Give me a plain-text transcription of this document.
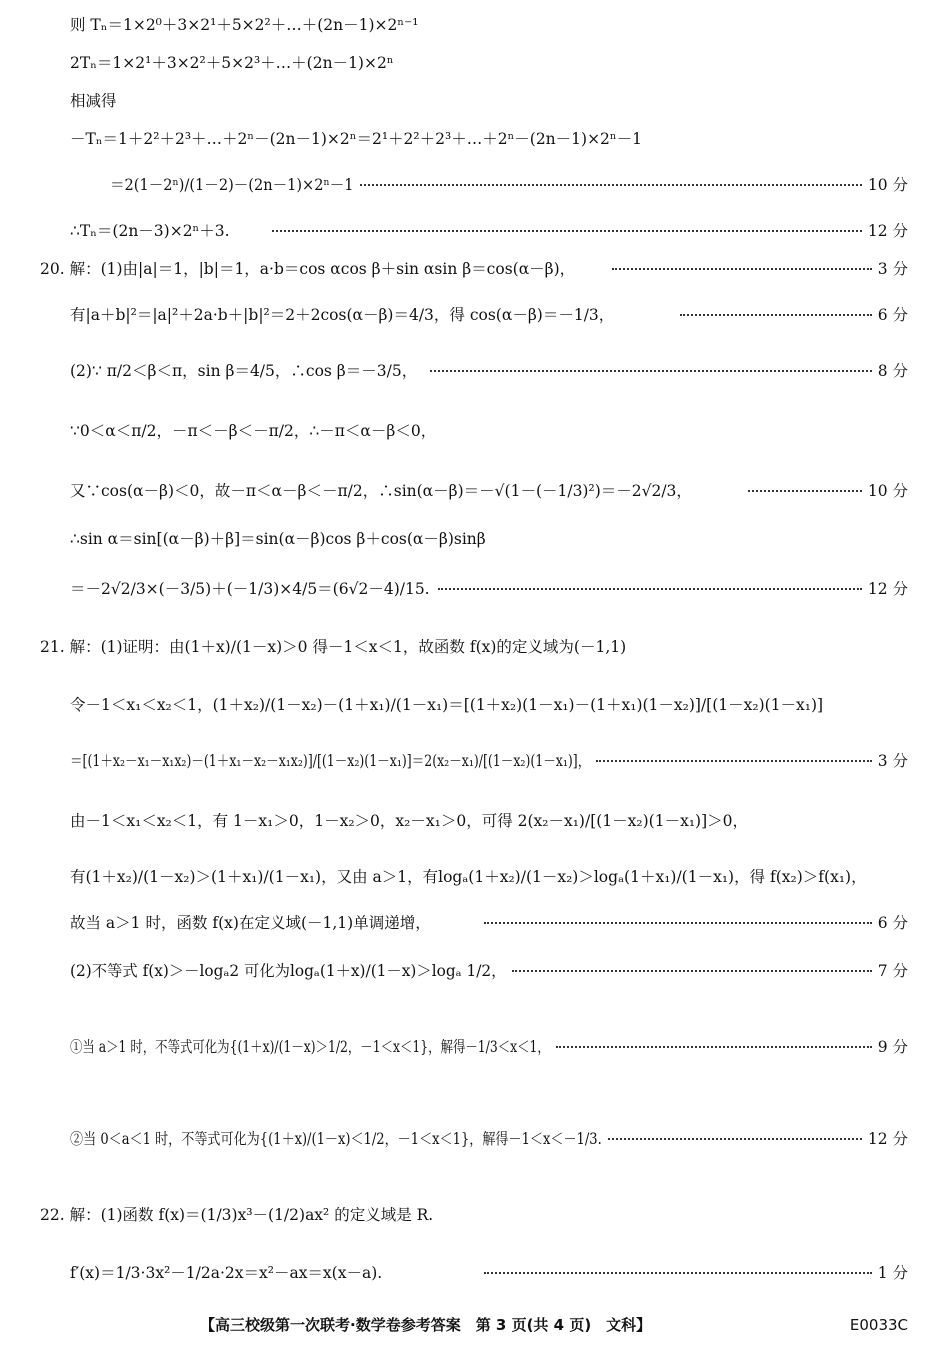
则 Tₙ＝1×2⁰＋3×2¹＋5×2²＋…＋(2n－1)×2ⁿ⁻¹
2Tₙ＝1×2¹＋3×2²＋5×2³＋…＋(2n－1)×2ⁿ
相减得
－Tₙ＝1＋2²＋2³＋…＋2ⁿ－(2n－1)×2ⁿ＝2¹＋2²＋2³＋…＋2ⁿ－(2n－1)×2ⁿ－1
＝2(1－2ⁿ)/(1－2)－(2n－1)×2ⁿ－1	10 分
∴Tₙ＝(2n－3)×2ⁿ＋3.	12 分
20. 解：(1)由|a|＝1，|b|＝1，a·b＝cos αcos β＋sin αsin β＝cos(α－β)，	3 分
有|a＋b|²＝|a|²＋2a·b＋|b|²＝2＋2cos(α－β)＝4/3，得 cos(α－β)＝－1/3，	6 分
(2)∵ π/2＜β＜π，sin β＝4/5，∴cos β＝－3/5，	8 分
∵0＜α＜π/2，－π＜－β＜－π/2，∴－π＜α－β＜0，
又∵cos(α－β)＜0，故－π＜α－β＜－π/2，∴sin(α－β)＝－√(1－(－1/3)²)＝－2√2/3，	10 分
∴sin α＝sin[(α－β)＋β]＝sin(α－β)cos β＋cos(α－β)sinβ
＝－2√2/3×(－3/5)＋(－1/3)×4/5＝(6√2－4)/15.	12 分
21. 解：(1)证明：由(1＋x)/(1－x)＞0 得－1＜x＜1，故函数 f(x)的定义域为(－1,1)
令－1＜x₁＜x₂＜1，(1＋x₂)/(1－x₂)－(1＋x₁)/(1－x₁)＝[(1＋x₂)(1－x₁)－(1＋x₁)(1－x₂)]/[(1－x₂)(1－x₁)]
＝[(1＋x₂－x₁－x₁x₂)－(1＋x₁－x₂－x₁x₂)]/[(1－x₂)(1－x₁)]＝2(x₂－x₁)/[(1－x₂)(1－x₁)]，	3 分
由－1＜x₁＜x₂＜1，有 1－x₁＞0，1－x₂＞0，x₂－x₁＞0，可得 2(x₂－x₁)/[(1－x₂)(1－x₁)]＞0，
有(1＋x₂)/(1－x₂)＞(1＋x₁)/(1－x₁)，又由 a＞1，有logₐ(1＋x₂)/(1－x₂)＞logₐ(1＋x₁)/(1－x₁)，得 f(x₂)＞f(x₁)，
故当 a＞1 时，函数 f(x)在定义域(－1,1)单调递增，	6 分
(2)不等式 f(x)＞－logₐ2 可化为logₐ(1＋x)/(1－x)＞logₐ 1/2，	7 分
①当 a＞1 时，不等式可化为{(1＋x)/(1－x)＞1/2，－1＜x＜1}，解得－1/3＜x＜1，	9 分
②当 0＜a＜1 时，不等式可化为{(1＋x)/(1－x)＜1/2，－1＜x＜1}，解得－1＜x＜－1/3.	12 分
22. 解：(1)函数 f(x)＝(1/3)x³－(1/2)ax² 的定义域是 R.
f′(x)＝1/3·3x²－1/2a·2x＝x²－ax＝x(x－a).	1 分
【高三校级第一次联考·数学卷参考答案　第 3 页(共 4 页)　文科】	E0033C
